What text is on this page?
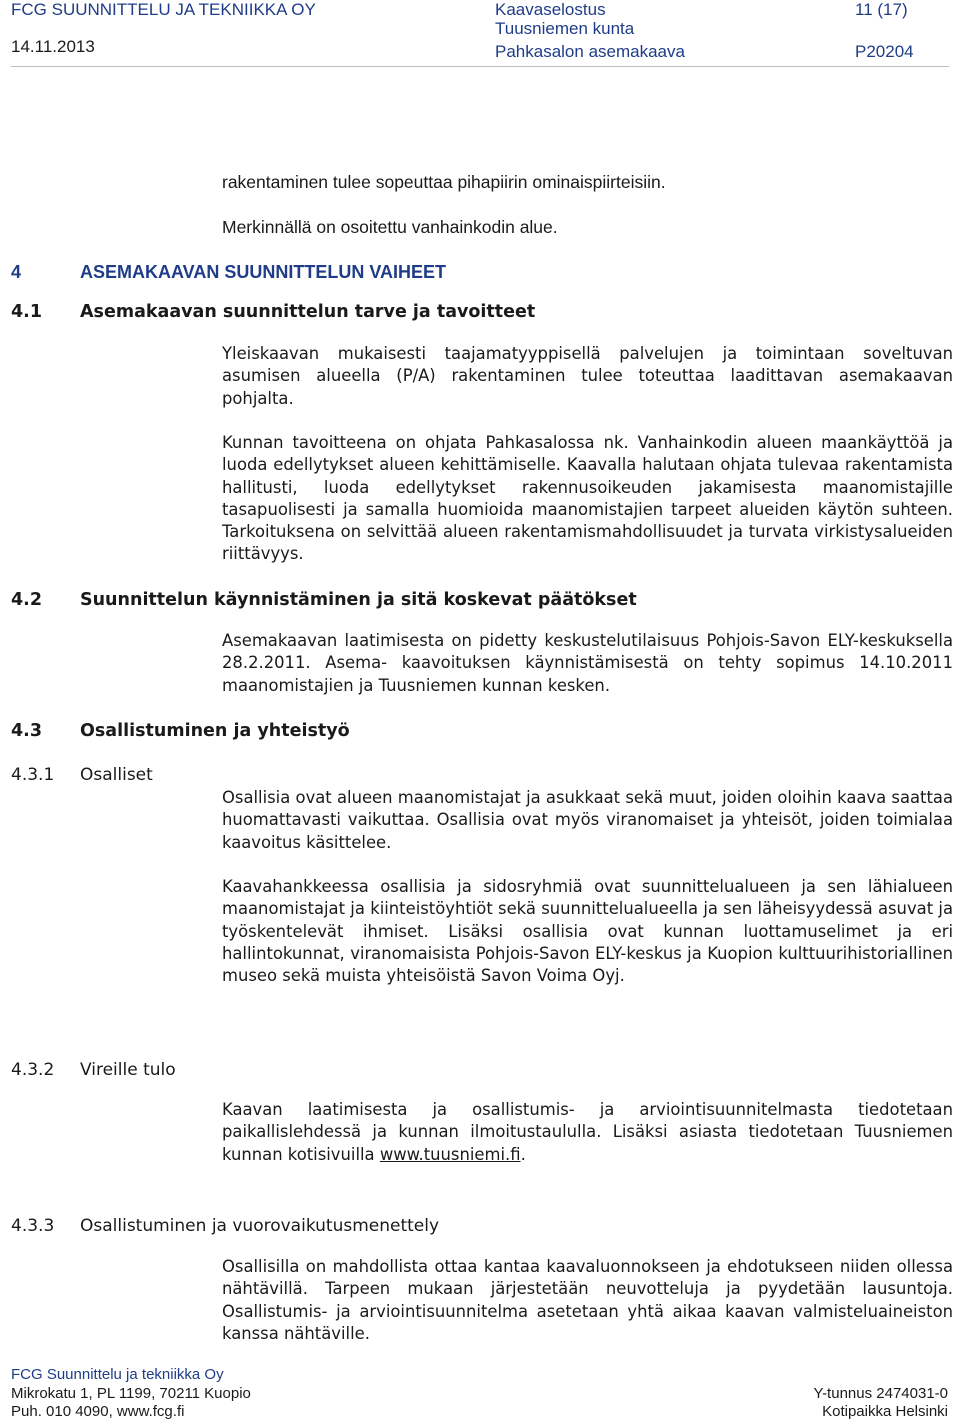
FCG SUUNNITTELU JA TEKNIIKKA OY
14.11.2013
Kaavaselostus
Tuusniemen kunta
Pahkasalon asemakaava
11 (17)
P20204
rakentaminen tulee sopeuttaa pihapiirin ominaispiirteisiin.
Merkinnällä on osoitettu vanhainkodin alue.
4	ASEMAKAAVAN SUUNNITTELUN VAIHEET
4.1 Asemakaavan suunnittelun tarve ja tavoitteet
Yleiskaavan mukaisesti taajamatyyppisellä palvelujen ja toimintaan soveltuvan asumisen alueella (P/A) rakentaminen tulee toteuttaa laadittavan asemakaavan pohjalta.
Kunnan tavoitteena on ohjata Pahkasalossa nk. Vanhainkodin alueen maankäyttöä ja luoda edellytykset alueen kehittämiselle. Kaavalla halutaan ohjata tulevaa rakentamista hallitusti, luoda edellytykset rakennusoikeuden jakamisesta maanomistajille tasapuolisesti ja samalla huomioida maanomistajien tarpeet alueiden käytön suhteen. Tarkoituksena on selvittää alueen rakentamismahdollisuudet ja turvata virkistysalueiden riittävyys.
4.2 Suunnittelun käynnistäminen ja sitä koskevat päätökset
Asemakaavan laatimisesta on pidetty keskustelutilaisuus Pohjois-Savon ELY-keskuksella 28.2.2011. Asema- kaavoituksen käynnistämisestä on tehty sopimus 14.10.2011 maanomistajien ja Tuusniemen kunnan kesken.
4.3 Osallistuminen ja yhteistyö
4.3.1 Osalliset
Osallisia ovat alueen maanomistajat ja asukkaat sekä muut, joiden oloihin kaava saattaa huomattavasti vaikuttaa. Osallisia ovat myös viranomaiset ja yhteisöt, joiden toimialaa kaavoitus käsittelee.
Kaavahankkeessa osallisia ja sidosryhmiä ovat suunnittelualueen ja sen lähialueen maanomistajat ja kiinteistöyhtiöt sekä suunnittelualueella ja sen läheisyydessä asuvat ja työskentelevät ihmiset. Lisäksi osallisia ovat kunnan luottamuselimet ja eri hallintokunnat, viranomaisista Pohjois-Savon ELY-keskus ja Kuopion kulttuurihistoriallinen museo sekä muista yhteisöistä Savon Voima Oyj.
4.3.2 Vireille tulo
Kaavan laatimisesta ja osallistumis- ja arviointisuunnitelmasta tiedotetaan paikallislehdessä ja kunnan ilmoitustaululla. Lisäksi asiasta tiedotetaan Tuusniemen kunnan kotisivuilla www.tuusniemi.fi.
4.3.3 Osallistuminen ja vuorovaikutusmenettely
Osallisilla on mahdollista ottaa kantaa kaavaluonnokseen ja ehdotukseen niiden ollessa nähtävillä. Tarpeen mukaan järjestetään neuvotteluja ja pyydetään lausuntoja. Osallistumis- ja arviointisuunnitelma asetetaan yhtä aikaa kaavan valmisteluaineiston kanssa nähtäville.
FCG Suunnittelu ja tekniikka Oy
Mikrokatu 1, PL 1199, 70211 Kuopio
Puh. 010 4090, www.fcg.fi
Y-tunnus 2474031-0
Kotipaikka Helsinki
